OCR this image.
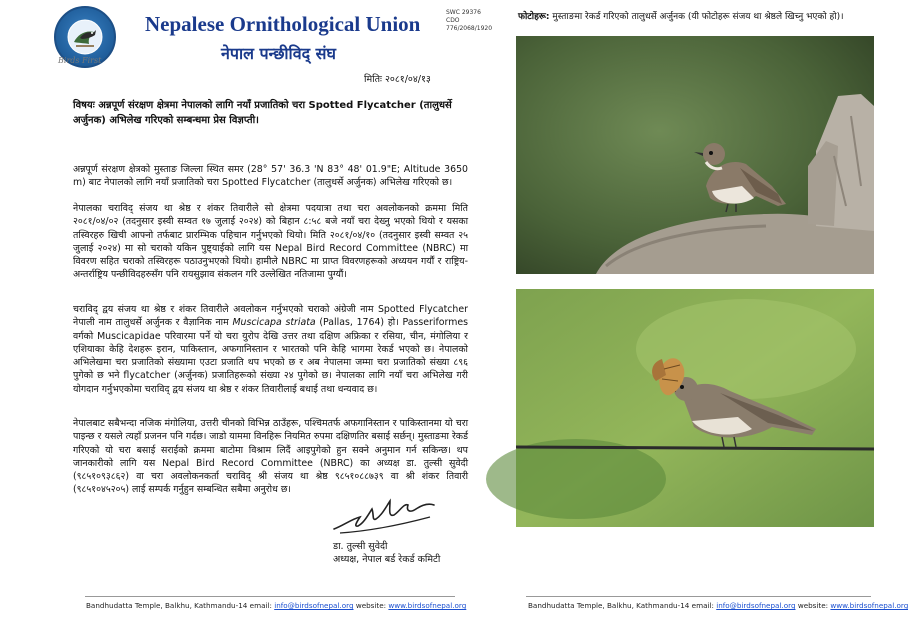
Birds First
Nepalese Ornithological Union
नेपाल पन्छीविद् संघ
SWC 29376
CDO 776/2068/1920
मितिः २०८१/०४/१३
विषयः अन्नपूर्ण संरक्षण क्षेत्रमा नेपालको लागि नयाँ प्रजातिको चरा Spotted Flycatcher (तालुधर्से अर्जुनक) अभिलेख गरिएको सम्बन्धमा प्रेस विज्ञप्ती।

अन्नपूर्ण संरक्षण क्षेत्रको मुस्ताङ जिल्ला स्थित समर (28° 57' 36.3 'N 83° 48' 01.9"E; Altitude 3650 m) बाट नेपालको लागि नयाँ प्रजातिको चरा Spotted Flycatcher (तालुधर्से अर्जुनक) अभिलेख गरिएको छ।

नेपालका चराविद् संजय था श्रेष्ठ र शंकर तिवारीले सो क्षेत्रमा पदयात्रा तथा चरा अवलोकनको क्रममा मिति २०८१/०४/०२ (तदनुसार इस्वी सम्वत १७ जुलाई २०२४) को बिहान ८:५८ बजे नयाँ चरा देख्नु भएको थियो र यसका तस्विरहरु खिची आफ्नो तर्फबाट प्रारम्भिक पहिचान गर्नुभएको थियो। मिति २०८१/०४/१० (तदनुसार इस्वी सम्वत २५ जुलाई २०२४) मा सो चराको यकिन पुष्ट्याईको लागि यस Nepal Bird Record Committee (NBRC) मा विवरण सहित चराको तस्विरहरू पठाउनुभएको थियो। हामीले NBRC मा प्राप्त विवरणहरूको अध्ययन गर्यौं र राष्ट्रिय-अन्तर्राष्ट्रिय पन्छीविदहरुसँग पनि रायसुझाव संकलन गरि उल्लेखित नतिजामा पुग्यौं।

चराविद् द्वय संजय था श्रेष्ठ र शंकर तिवारीले अवलोकन गर्नुभएको चराको अंग्रेजी नाम Spotted Flycatcher नेपाली नाम तालुधर्से अर्जुनक र वैज्ञानिक नाम Muscicapa striata (Pallas, 1764) हो। Passeriformes वर्गको Muscicapidae परिवारमा पर्ने यो चरा युरोप देखि उत्तर तथा दक्षिण अफ्रिका र रसिया, चीन, मंगोलिया र एशियाका केहि देशहरू इरान, पाकिस्तान, अफगानिस्तान र भारतको पनि केहि भागमा रेकर्ड भएको छ। नेपालको अभिलेखमा चरा प्रजातिको संख्यामा एउटा प्रजाति थप भएको छ र अब नेपालमा जम्मा चरा प्रजातिको संख्या ८९६ पुगेको छ भने flycatcher (अर्जुनक) प्रजातिहरूको संख्या २४ पुगेको छ। नेपालका लागि नयाँ चरा अभिलेख गरी योगदान गर्नुभएकोमा चराविद् द्वय संजय था श्रेष्ठ र शंकर तिवारीलाई बधाई तथा धन्यवाद छ।

नेपालबाट सबैभन्दा नजिक मंगोलिया, उत्तरी चीनको विभिन्न ठाउँहरू, पश्चिमतर्फ अफगानिस्तान र पाकिस्तानमा यो चरा पाइन्छ र यसले त्यहाँ प्रजनन पनि गर्दछ। जाडो याममा विनहिरू नियमित रुपमा दक्षिणतिर बसाई सर्छन्। मुस्ताङमा रेकर्ड गरिएको यो चरा बसाई सराईको क्रममा बाटोमा विश्राम लिदैं आइपुगेको हुन सक्ने अनुमान गर्न सकिन्छ। थप जानकारीको लागि यस Nepal Bird Record Committee (NBRC) का अध्यक्ष डा. तुल्सी सुवेदी (९८५१०९३८६२) वा चरा अवलोकनकर्ता चराविद् श्री संजय था श्रेष्ठ ९८५१०८८७३९ वा श्री शंकर तिवारी (९८५१०४५२०५) लाई सम्पर्क गर्नुहुन सम्बन्धित सबैमा अनुरोध छ।

डा. तुल्सी सुवेदी
अध्यक्ष, नेपाल बर्ड रेकर्ड कमिटी
Bandhudatta Temple, Balkhu, Kathmandu-14 email: info@birdsofnepal.org website: www.birdsofnepal.org
फोटोहरू: मुस्ताङमा रेकर्ड गरिएको तालुधर्से अर्जुनक (यी फोटोहरू संजय था श्रेष्ठले खिच्नु भएको हो)।
Bandhudatta Temple, Balkhu, Kathmandu-14 email: info@birdsofnepal.org website: www.birdsofnepal.org
